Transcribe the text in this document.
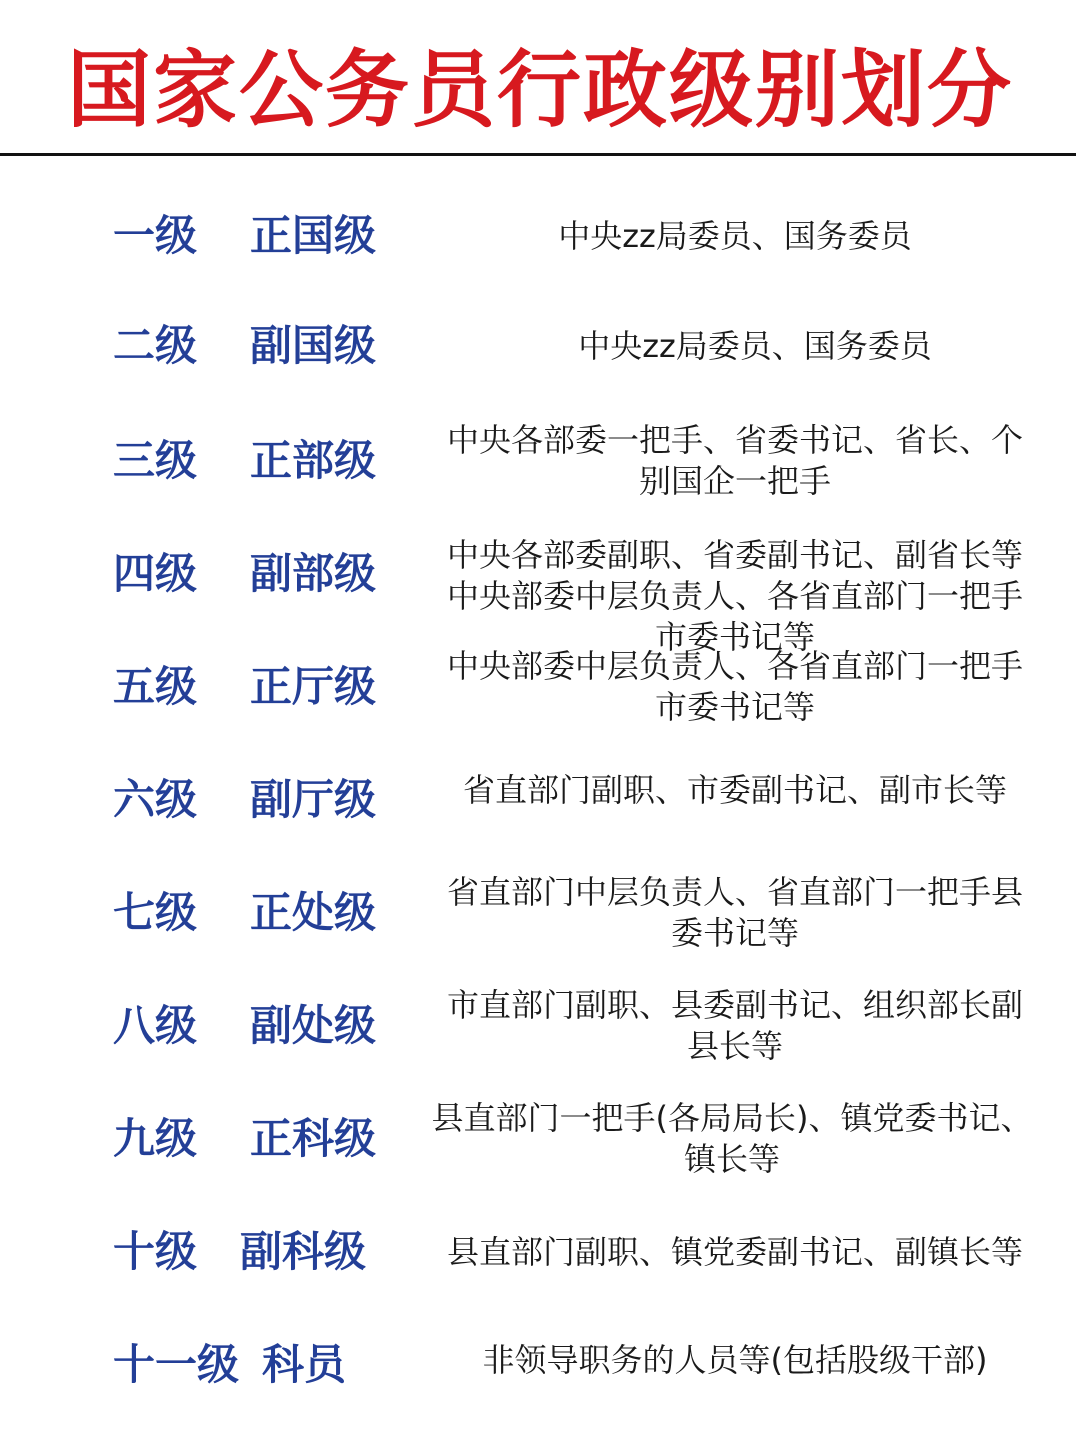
国家公务员行政级别划分
一级 正国级	中央zz局委员、国务委员
二级 副国级	中央zz局委员、国务委员
三级 正部级	中央各部委一把手、省委书记、省长、个
别国企一把手
四级 副部级	中央各部委副职、省委副书记、副省长等
中央部委中层负责人、各省直部门一把手
市委书记等
五级 正厅级	中央部委中层负责人、各省直部门一把手
市委书记等
六级 副厅级	省直部门副职、市委副书记、副市长等
七级 正处级	省直部门中层负责人、省直部门一把手县
委书记等
八级 副处级	市直部门副职、县委副书记、组织部长副
县长等
九级 正科级	县直部门一把手(各局局长)、镇党委书记、
镇长等
十级 副科级	县直部门副职、镇党委副书记、副镇长等
十一级 科员	非领导职务的人员等(包括股级干部)
